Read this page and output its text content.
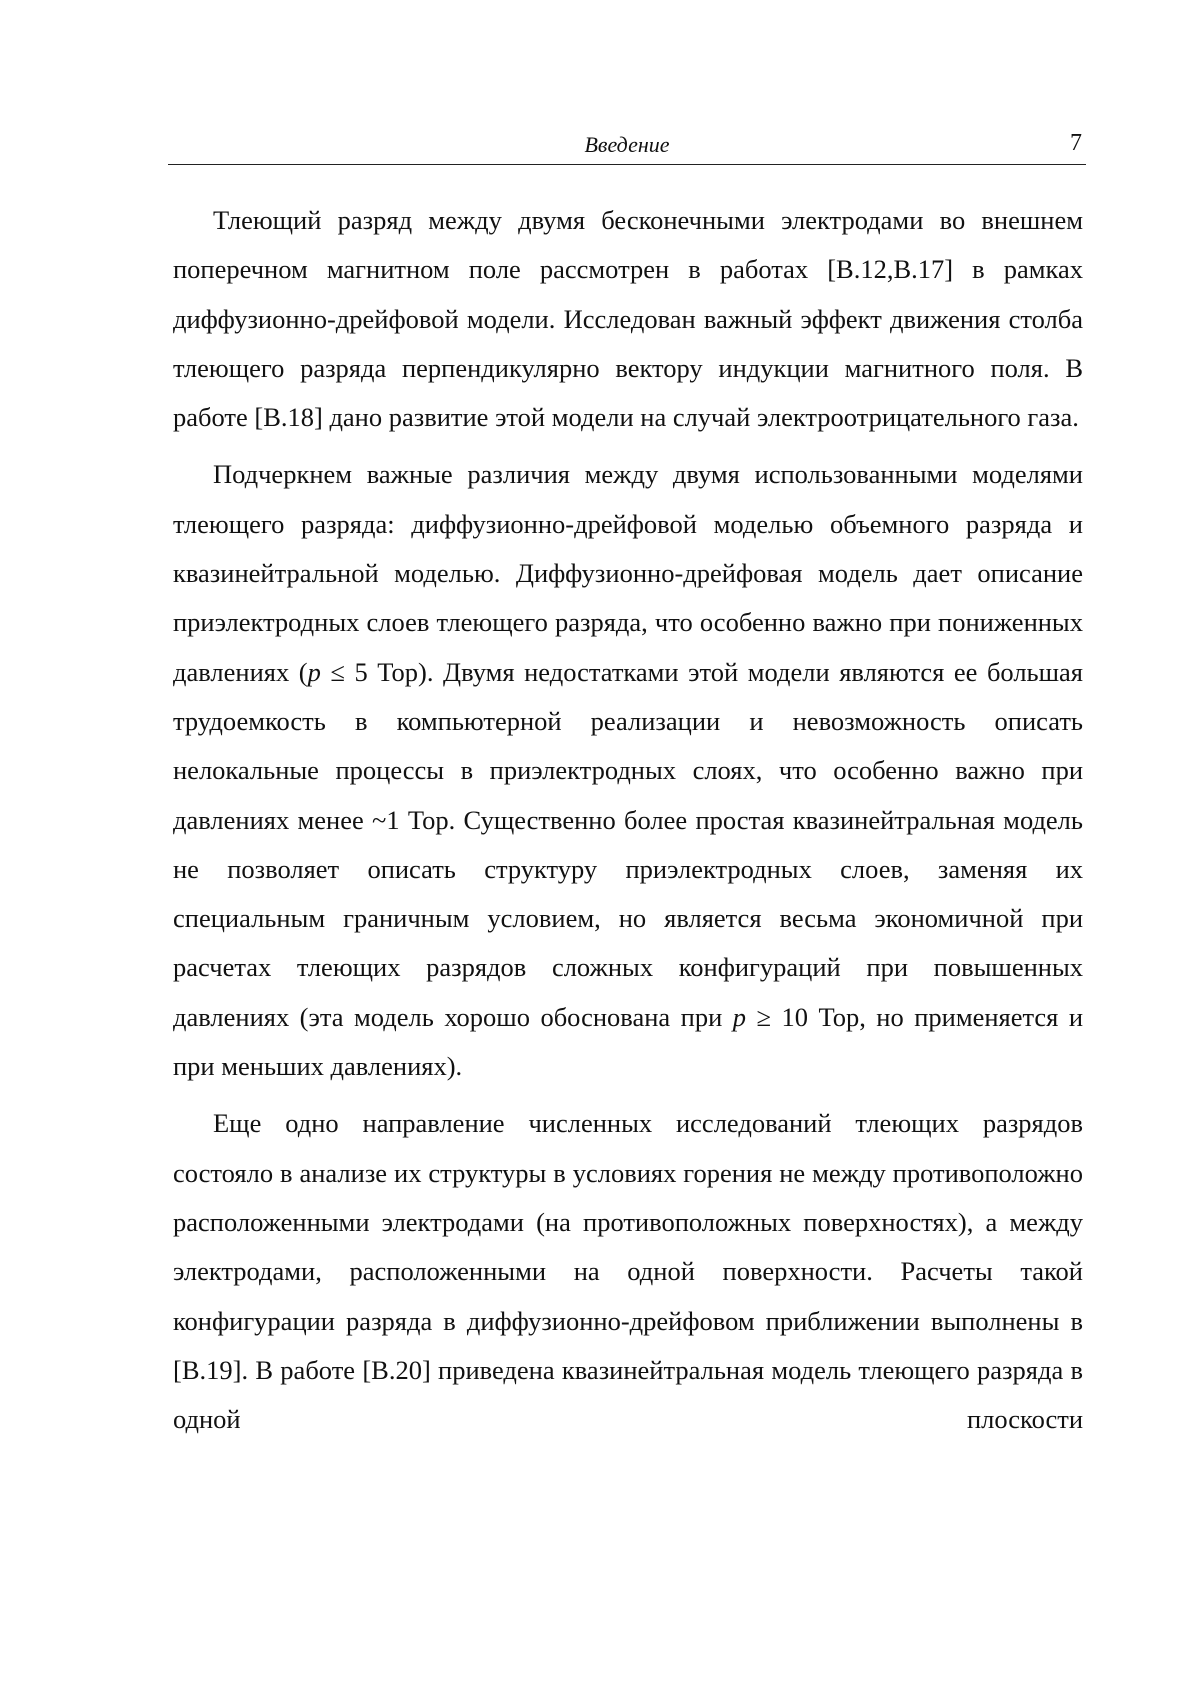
Введение	7

Тлеющий разряд между двумя бесконечными электродами во внешнем поперечном магнитном поле рассмотрен в работах [В.12,В.17] в рамках диффузионно-дрейфовой модели. Исследован важный эффект движения столба тлеющего разряда перпендикулярно вектору индукции магнитного поля. В работе [В.18] дано развитие этой модели на случай электроотрицательного газа.

Подчеркнем важные различия между двумя использованными моделями тлеющего разряда: диффузионно-дрейфовой моделью объемного разряда и квазинейтральной моделью. Диффузионно-дрейфовая модель дает описание приэлектродных слоев тлеющего разряда, что особенно важно при пониженных давлениях (p ≤ 5 Тор). Двумя недостатками этой модели являются ее большая трудоемкость в компьютерной реализации и невозможность описать нелокальные процессы в приэлектродных слоях, что особенно важно при давлениях менее ~1 Тор. Существенно более простая квазинейтральная модель не позволяет описать структуру приэлектродных слоев, заменяя их специальным граничным условием, но является весьма экономичной при расчетах тлеющих разрядов сложных конфигураций при повышенных давлениях (эта модель хорошо обоснована при p ≥ 10 Тор, но применяется и при меньших давлениях).

Еще одно направление численных исследований тлеющих разрядов состояло в анализе их структуры в условиях горения не между противоположно расположенными электродами (на противоположных поверхностях), а между электродами, расположенными на одной поверхности. Расчеты такой конфигурации разряда в диффузионно-дрейфовом приближении выполнены в [В.19]. В работе [В.20] приведена квазинейтральная модель тлеющего разряда в одной плоскости
